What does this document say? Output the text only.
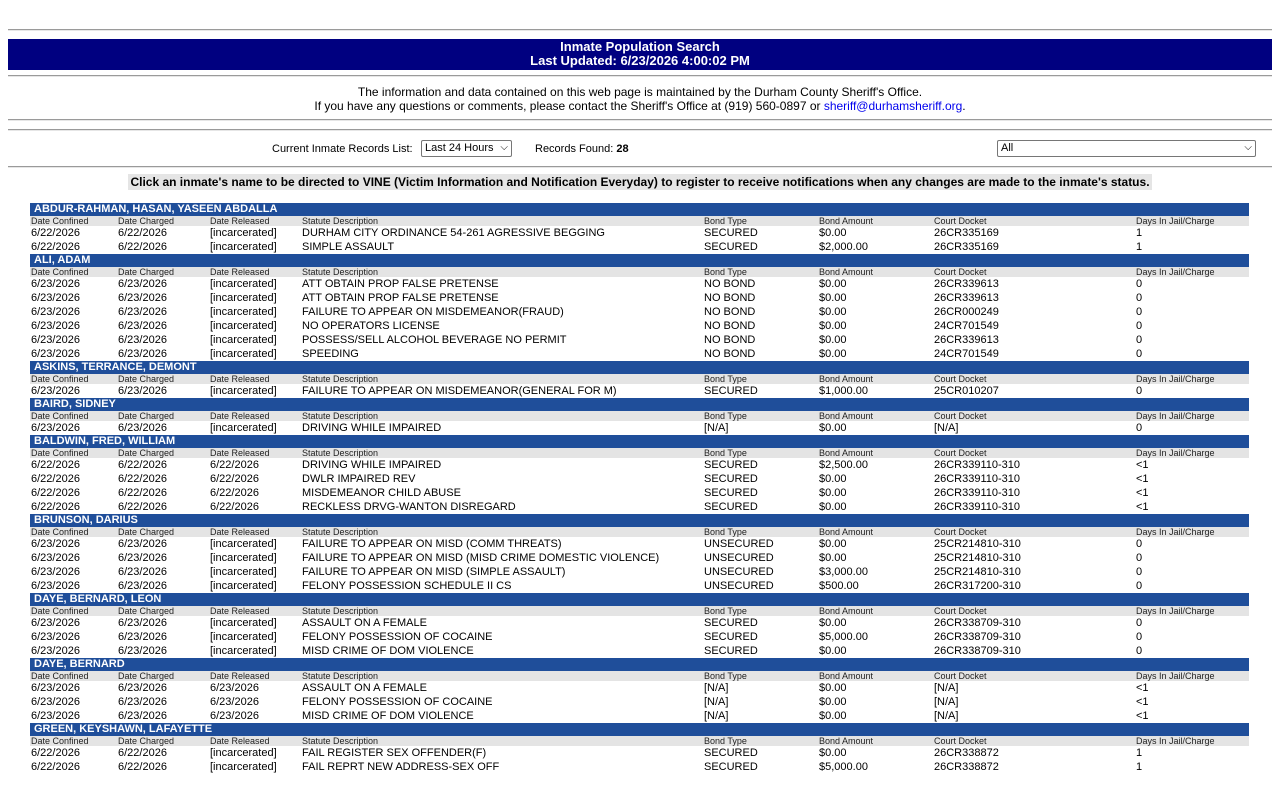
Inmate Population Search
Last Updated: 6/23/2026 4:00:02 PM
The information and data contained on this web page is maintained by the Durham County Sheriff's Office.
If you have any questions or comments, please contact the Sheriff's Office at (919) 560-0897 or sheriff@durhamsheriff.org.
Current Inmate Records List:	Last 24 Hours ⌵ Records Found: 28	All	⌵
Click an inmate's name to be directed to VINE (Victim Information and Notification Everyday) to register to receive notifications when any changes are made to the inmate's status.
ABDUR-RAHMAN, HASAN, YASEEN ABDALLA
Date Confined	Date Charged	Date Released	Statute Description	Bond Type	Bond Amount	Court Docket	Days In Jail/Charge
6/22/2026	6/22/2026	[incarcerated] DURHAM CITY ORDINANCE 54-261 AGRESSIVE BEGGING	SECURED	$0.00	26CR335169	1
6/22/2026	6/22/2026	[incarcerated] SIMPLE ASSAULT	SECURED	$2,000.00	26CR335169	1
ALI, ADAM
Date Confined	Date Charged	Date Released	Statute Description	Bond Type	Bond Amount	Court Docket	Days In Jail/Charge
6/23/2026	6/23/2026	[incarcerated] ATT OBTAIN PROP FALSE PRETENSE	NO BOND	$0.00	26CR339613	0
6/23/2026	6/23/2026	[incarcerated] ATT OBTAIN PROP FALSE PRETENSE	NO BOND	$0.00	26CR339613	0
6/23/2026	6/23/2026	[incarcerated] FAILURE TO APPEAR ON MISDEMEANOR(FRAUD)	NO BOND	$0.00	26CR000249	0
6/23/2026	6/23/2026	[incarcerated] NO OPERATORS LICENSE	NO BOND	$0.00	24CR701549	0
6/23/2026	6/23/2026	[incarcerated] POSSESS/SELL ALCOHOL BEVERAGE NO PERMIT	NO BOND	$0.00	26CR339613	0
6/23/2026	6/23/2026	[incarcerated] SPEEDING	NO BOND	$0.00	24CR701549	0
ASKINS, TERRANCE, DEMONT
Date Confined	Date Charged	Date Released	Statute Description	Bond Type	Bond Amount	Court Docket	Days In Jail/Charge
6/23/2026	6/23/2026	[incarcerated] FAILURE TO APPEAR ON MISDEMEANOR(GENERAL FOR M)	SECURED	$1,000.00	25CR010207	0
BAIRD, SIDNEY
Date Confined	Date Charged	Date Released	Statute Description	Bond Type	Bond Amount	Court Docket	Days In Jail/Charge
6/23/2026	6/23/2026	[incarcerated] DRIVING WHILE IMPAIRED	[N/A]	$0.00	[N/A]	0
BALDWIN, FRED, WILLIAM
Date Confined	Date Charged	Date Released	Statute Description	Bond Type	Bond Amount	Court Docket	Days In Jail/Charge
6/22/2026	6/22/2026	6/22/2026	DRIVING WHILE IMPAIRED	SECURED	$2,500.00	26CR339110-310	<1
6/22/2026	6/22/2026	6/22/2026	DWLR IMPAIRED REV	SECURED	$0.00	26CR339110-310	<1
6/22/2026	6/22/2026	6/22/2026	MISDEMEANOR CHILD ABUSE	SECURED	$0.00	26CR339110-310	<1
6/22/2026	6/22/2026	6/22/2026	RECKLESS DRVG-WANTON DISREGARD	SECURED	$0.00	26CR339110-310	<1
BRUNSON, DARIUS
Date Confined	Date Charged	Date Released	Statute Description	Bond Type	Bond Amount	Court Docket	Days In Jail/Charge
6/23/2026	6/23/2026	[incarcerated] FAILURE TO APPEAR ON MISD (COMM THREATS)	UNSECURED	$0.00	25CR214810-310	0
6/23/2026	6/23/2026	[incarcerated] FAILURE TO APPEAR ON MISD (MISD CRIME DOMESTIC VIOLENCE)	UNSECURED	$0.00	25CR214810-310	0
6/23/2026	6/23/2026	[incarcerated] FAILURE TO APPEAR ON MISD (SIMPLE ASSAULT)	UNSECURED	$3,000.00	25CR214810-310	0
6/23/2026	6/23/2026	[incarcerated] FELONY POSSESSION SCHEDULE II CS	UNSECURED	$500.00	26CR317200-310	0
DAYE, BERNARD, LEON
Date Confined	Date Charged	Date Released	Statute Description	Bond Type	Bond Amount	Court Docket	Days In Jail/Charge
6/23/2026	6/23/2026	[incarcerated] ASSAULT ON A FEMALE	SECURED	$0.00	26CR338709-310	0
6/23/2026	6/23/2026	[incarcerated] FELONY POSSESSION OF COCAINE	SECURED	$5,000.00	26CR338709-310	0
6/23/2026	6/23/2026	[incarcerated] MISD CRIME OF DOM VIOLENCE	SECURED	$0.00	26CR338709-310	0
DAYE, BERNARD
Date Confined	Date Charged	Date Released	Statute Description	Bond Type	Bond Amount	Court Docket	Days In Jail/Charge
6/23/2026	6/23/2026	6/23/2026	ASSAULT ON A FEMALE	[N/A]	$0.00	[N/A]	<1
6/23/2026	6/23/2026	6/23/2026	FELONY POSSESSION OF COCAINE	[N/A]	$0.00	[N/A]	<1
6/23/2026	6/23/2026	6/23/2026	MISD CRIME OF DOM VIOLENCE	[N/A]	$0.00	[N/A]	<1
GREEN, KEYSHAWN, LAFAYETTE
Date Confined	Date Charged	Date Released	Statute Description	Bond Type	Bond Amount	Court Docket	Days In Jail/Charge
6/22/2026	6/22/2026	[incarcerated] FAIL REGISTER SEX OFFENDER(F)	SECURED	$0.00	26CR338872	1
6/22/2026	6/22/2026	[incarcerated] FAIL REPRT NEW ADDRESS-SEX OFF	SECURED	$5,000.00	26CR338872	1
